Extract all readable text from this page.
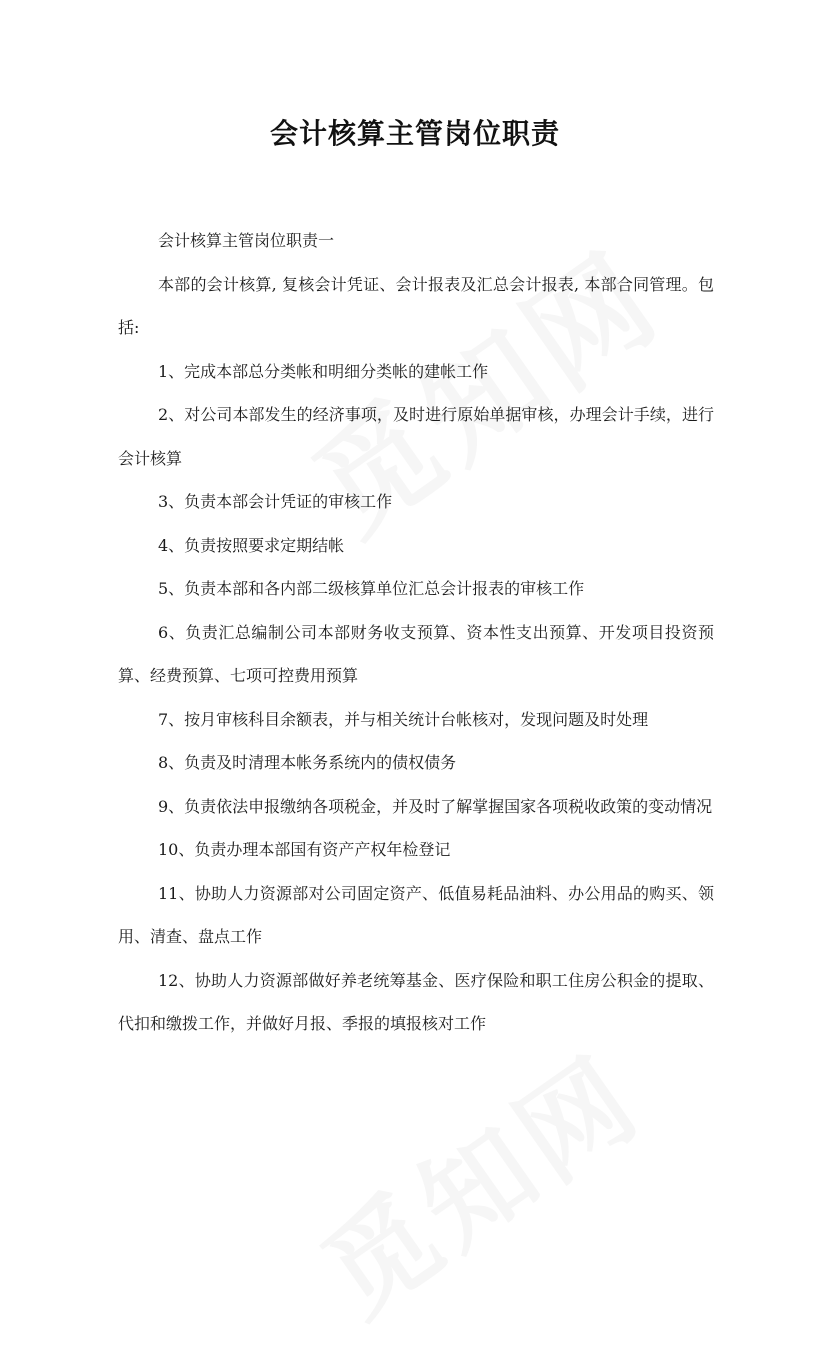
会计核算主管岗位职责

会计核算主管岗位职责一

本部的会计核算, 复核会计凭证、会计报表及汇总会计报表, 本部合同管理。包括:

1、完成本部总分类帐和明细分类帐的建帐工作

2、对公司本部发生的经济事项，及时进行原始单据审核，办理会计手续，进行会计核算

3、负责本部会计凭证的审核工作

4、负责按照要求定期结帐

5、负责本部和各内部二级核算单位汇总会计报表的审核工作

6、负责汇总编制公司本部财务收支预算、资本性支出预算、开发项目投资预算、经费预算、七项可控费用预算

7、按月审核科目余额表，并与相关统计台帐核对，发现问题及时处理

8、负责及时清理本帐务系统内的债权债务

9、负责依法申报缴纳各项税金，并及时了解掌握国家各项税收政策的变动情况

10、负责办理本部国有资产产权年检登记

11、协助人力资源部对公司固定资产、低值易耗品油料、办公用品的购买、领用、清查、盘点工作

12、协助人力资源部做好养老统筹基金、医疗保险和职工住房公积金的提取、代扣和缴拨工作，并做好月报、季报的填报核对工作
